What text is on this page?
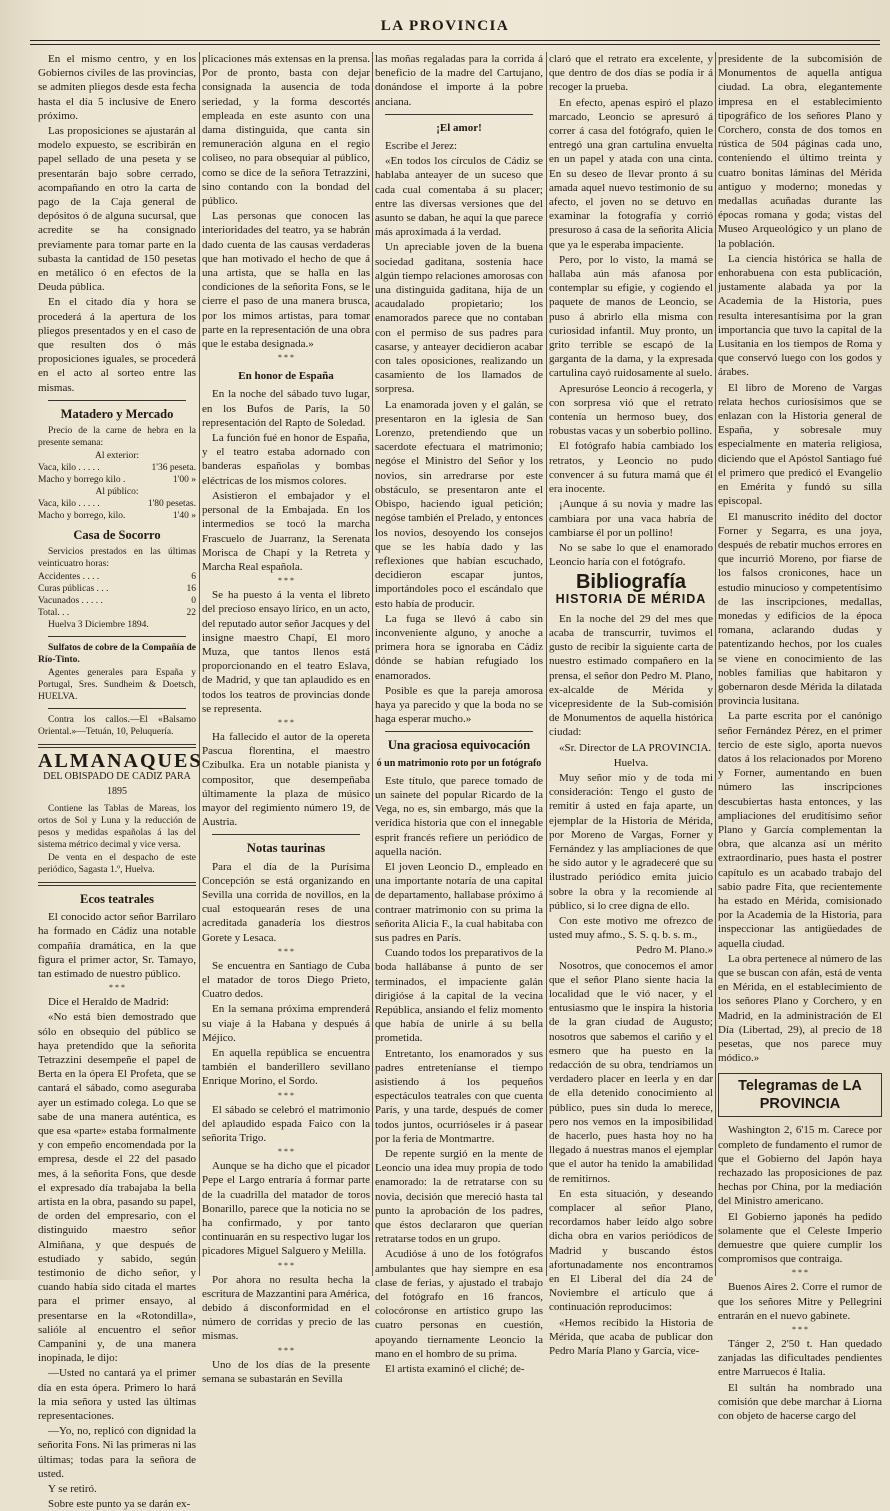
LA PROVINCIA

En el mismo centro, y en los Gobiernos civiles de las provincias, se admiten pliegos desde esta fecha hasta el día 5 inclusive de Enero próximo.

Las proposiciones se ajustarán al modelo expuesto, se escribirán en papel sellado de una peseta y se presentarán bajo sobre cerrado, acompañando en otro la carta de pago de la Caja general de depósitos ó de alguna sucursal, que acredite se ha consignado previamente para tomar parte en la subasta la cantidad de 150 pesetas en metálico ó en efectos de la Deuda pública.

En el citado día y hora se procederá á la apertura de los pliegos presentados y en el caso de que resulten dos ó más proposiciones iguales, se procederá en el acto al sorteo entre las mismas.

Matadero y Mercado

Precio de la carne de hebra en la presente semana:

Al exterior:
Vaca, kilo . . . . .	1'36 peseta.
Macho y borrego kilo .	1'00 »
Al público:
Vaca, kilo . . . . .	1'80 pesetas.
Macho y borrego, kilo.	1'40 »
Casa de Socorro

Servicios prestados en las últimas veinticuatro horas:

Accidentes . . . .	6
Curas públicas . . .	16
Vacunados . . . . .	0
Total. . .	22

Huelva 3 Diciembre 1894.

Sulfatos de cobre de la Compañía de Río-Tinto.

Agentes generales para España y Portugal, Sres. Sundheim & Doetsch, HUELVA.

Contra los callos.—El «Balsamo Oriental.»—Tetuán, 10, Peluquería.

ALMANAQUES
DEL OBISPADO DE CADIZ PARA 1895

Contiene las Tablas de Mareas, los ortos de Sol y Luna y la reducción de pesos y medidas españolas á las del sistema métrico decimal y vice versa.

De venta en el despacho de este periódico, Sagasta 1.º, Huelva.

Ecos teatrales

El conocido actor señor Barrilaro ha formado en Cádiz una notable compañía dramática, en la que figura el primer actor, Sr. Tamayo, tan estimado de nuestro público.

* * *

Dice el Heraldo de Madrid:

«No está bien demostrado que sólo en obsequio del público se haya pretendido que la señorita Tetrazzini desempeñe el papel de Berta en la ópera El Profeta, que se cantará el sábado, como aseguraba ayer un estimado colega. Lo que se sabe de una manera auténtica, es que esa «parte» estaba formalmente y con empeño encomendada por la empresa, desde el 22 del pasado mes, á la señorita Fons, que desde el expresado día trabajaba la bella artista en la obra, pasando su papel, de orden del empresario, con el distinguido maestro señor Almiñana, y que después de estudiado y sabido, según testimonio de dicho señor, y cuando había sido citada el martes para el primer ensayo, al presentarse en la «Rotondilla», salióle al encuentro el señor Campanini y, de una manera inopinada, le dijo:

—Usted no cantará ya el primer día en esta ópera. Primero lo hará la mia señora y usted las últimas representaciones.

—Yo, no, replicó con dignidad la señorita Fons. Ni las primeras ni las últimas; todas para la señora de usted.

Y se retiró.

Sobre este punto ya se darán ex-

plicaciones más extensas en la prensa. Por de pronto, basta con dejar consignada la ausencia de toda seriedad, y la forma descortés empleada en este asunto con una dama distinguida, que canta sin remuneración alguna en el regio coliseo, no para obsequiar al público, como se dice de la señora Tetrazzini, sino contando con la bondad del público.

Las personas que conocen las interioridades del teatro, ya se habrán dado cuenta de las causas verdaderas que han motivado el hecho de que á una artista, que se halla en las condiciones de la señorita Fons, se le cierre el paso de una manera brusca, por los mimos artistas, para tomar parte en la representación de una obra que le estaba designada.»

* * *
En honor de España

En la noche del sábado tuvo lugar, en los Bufos de París, la 50 representación del Rapto de Soledad.

La función fué en honor de España, y el teatro estaba adornado con banderas españolas y bombas eléctricas de los mismos colores.

Asistieron el embajador y el personal de la Embajada. En los intermedios se tocó la marcha Frascuelo de Juarranz, la Serenata Morisca de Chapí y la Retreta y Marcha Real española.

* * *

Se ha puesto á la venta el libreto del precioso ensayo lírico, en un acto, del reputado autor señor Jacques y del insigne maestro Chapí, El moro Muza, que tantos llenos está proporcionando en el teatro Eslava, de Madrid, y que tan aplaudido es en todos los teatros de provincias donde se representa.

* * *

Ha fallecido el autor de la opereta Pascua florentina, el maestro Czibulka. Era un notable pianista y compositor, que desempeñaba últimamente la plaza de músico mayor del regimiento número 19, de Austria.

Notas taurinas

Para el día de la Purísima Concepción se está organizando en Sevilla una corrida de novillos, en la cual estoquearán reses de una acreditada ganadería los diestros Gorete y Lesaca.

* * *

Se encuentra en Santiago de Cuba el matador de toros Diego Prieto, Cuatro dedos.

En la semana próxima emprenderá su viaje á la Habana y después á Méjico.

En aquella república se encuentra también el banderillero sevillano Enrique Morino, el Sordo.

* * *

El sábado se celebró el matrimonio del aplaudido espada Faico con la señorita Trigo.

* * *

Aunque se ha dicho que el picador Pepe el Largo entraría á formar parte de la cuadrilla del matador de toros Bonarillo, parece que la noticia no se ha confirmado, y por tanto continuarán en su respectivo lugar los picadores Miguel Salguero y Melilla.

* * *

Por ahora no resulta hecha la escritura de Mazzantini para América, debido á disconformidad en el número de corridas y precio de las mismas.

* * *

Uno de los días de la presente semana se subastarán en Sevilla

las moñas regaladas para la corrida á beneficio de la madre del Cartujano, donándose el importe á la pobre anciana.

¡El amor!

Escribe el Jerez:

«En todos los círculos de Cádiz se hablaba anteayer de un suceso que cada cual comentaba á su placer; entre las diversas versiones que del asunto se daban, he aquí la que parece más aproximada á la verdad.

Un apreciable joven de la buena sociedad gaditana, sostenía hace algún tiempo relaciones amorosas con una distinguida gaditana, hija de un acaudalado propietario; los enamorados parece que no contaban con el permiso de sus padres para casarse, y anteayer decidieron acabar con tales oposiciones, realizando un casamiento de los llamados de sorpresa.

La enamorada joven y el galán, se presentaron en la iglesia de San Lorenzo, pretendiendo que un sacerdote efectuara el matrimonio; negóse el Ministro del Señor y los novios, sin arredrarse por este obstáculo, se presentaron ante el Obispo, haciendo igual petición; negóse también el Prelado, y entonces los novios, desoyendo los consejos que se les había dado y las reflexiones que habían escuchado, decidieron escapar juntos, importándoles poco el escándalo que esto había de producir.

La fuga se llevó á cabo sin inconveniente alguno, y anoche a primera hora se ignoraba en Cádiz dónde se habían refugiado los enamorados.

Posible es que la pareja amorosa haya ya parecido y que la boda no se haga esperar mucho.»

Una graciosa equivocación
ó un matrimonio roto por un fotógrafo

Este título, que parece tomado de un sainete del popular Ricardo de la Vega, no es, sin embargo, más que la verídica historia que con el innegable esprit francés refiere un periódico de aquella nación.

El joven Leoncio D., empleado en una importante notaría de una capital de departamento, hallabase próximo á contraer matrimonio con su prima la señorita Alicia F., la cual habitaba con sus padres en París.

Cuando todos los preparativos de la boda hallábanse á punto de ser terminados, el impaciente galán dirigióse á la capital de la vecina República, ansiando el feliz momento que había de unirle á su bella prometida.

Entretanto, los enamorados y sus padres entreteníanse el tiempo asistiendo á los pequeños espectáculos teatrales con que cuenta París, y una tarde, después de comer todos juntos, ocurrióseles ir á pasear por la feria de Montmartre.

De repente surgió en la mente de Leoncio una idea muy propia de todo enamorado: la de retratarse con su novia, decisión que mereció hasta tal punto la aprobación de los padres, que éstos declararon que querían retratarse todos en un grupo.

Acudióse á uno de los fotógrafos ambulantes que hay siempre en esa clase de ferias, y ajustado el trabajo del fotógrafo en 16 francos, colocóronse en artístico grupo las cuatro personas en cuestión, apoyando tiernamente Leoncio la mano en el hombro de su prima.

El artista examinó el cliché; de-

claró que el retrato era excelente, y que dentro de dos días se podía ir á recoger la prueba.

En efecto, apenas espiró el plazo marcado, Leoncio se apresuró á correr á casa del fotógrafo, quien le entregó una gran cartulina envuelta en un papel y atada con una cinta. En su deseo de llevar pronto á su amada aquel nuevo testimonio de su afecto, el joven no se detuvo en examinar la fotografía y corrió presuroso á casa de la señorita Alicia que ya le esperaba impaciente.

Pero, por lo visto, la mamá se hallaba aún más afanosa por contemplar su efigie, y cogiendo el paquete de manos de Leoncio, se puso á abrirlo ella misma con curiosidad infantil. Muy pronto, un grito terrible se escapó de la garganta de la dama, y la expresada cartulina cayó ruidosamente al suelo.

Apresuróse Leoncio á recogerla, y con sorpresa vió que el retrato contenía un hermoso buey, dos robustas vacas y un soberbio pollino.

El fotógrafo había cambiado los retratos, y Leoncio no pudo convencer á su futura mamá que él era inocente.

¡Aunque á su novia y madre las cambiara por una vaca habría de cambiarse él por un pollino!

No se sabe lo que el enamorado Leoncio haría con el fotógrafo.

Bibliografía
HISTORIA DE MÉRIDA

En la noche del 29 del mes que acaba de transcurrir, tuvimos el gusto de recibir la siguiente carta de nuestro estimado compañero en la prensa, el señor don Pedro M. Plano, ex-alcalde de Mérida y vicepresidente de la Sub-comisión de Monumentos de aquella histórica ciudad:

«Sr. Director de LA PROVINCIA.

Huelva.

Muy señor mío y de toda mi consideración: Tengo el gusto de remitir á usted en faja aparte, un ejemplar de la Historia de Mérida, por Moreno de Vargas, Forner y Fernández y las ampliaciones de que he sido autor y le agradeceré que su ilustrado periódico emita juicio sobre la obra y la recomiende al público, si lo cree digna de ello.

Con este motivo me ofrezco de usted muy afmo., S. S. q. b. s. m.,

Pedro M. Plano.»

Nosotros, que conocemos el amor que el señor Plano siente hacia la localidad que le vió nacer, y el entusiasmo que le inspira la historia de la gran ciudad de Augusto; nosotros que sabemos el cariño y el esmero que ha puesto en la redacción de su obra, tendríamos un verdadero placer en leerla y en dar de ella detenido conocimiento al público, pues sin duda lo merece, pero nos vemos en la imposibilidad de hacerlo, pues hasta hoy no ha llegado á nuestras manos el ejemplar que el autor ha tenido la amabilidad de remitirnos.

En esta situación, y deseando complacer al señor Plano, recordamos haber leído algo sobre dicha obra en varios periódicos de Madrid y buscando éstos afortunadamente nos encontramos en El Liberal del día 24 de Noviembre el artículo que á continuación reproducimos:

«Hemos recibido la Historia de Mérida, que acaba de publicar don Pedro María Plano y García, vice-

presidente de la subcomisión de Monumentos de aquella antigua ciudad. La obra, elegantemente impresa en el establecimiento tipográfico de los señores Plano y Corchero, consta de dos tomos en rústica de 504 páginas cada uno, conteniendo el último treinta y cuatro bonitas láminas del Mérida antiguo y moderno; monedas y medallas acuñadas durante las épocas romana y goda; vistas del Museo Arqueológico y un plano de la población.

La ciencia histórica se halla de enhorabuena con esta publicación, justamente alabada ya por la Academia de la Historia, pues resulta interesantísima por la gran importancia que tuvo la capital de la Lusitania en los tiempos de Roma y que conservó luego con los godos y árabes.

El libro de Moreno de Vargas relata hechos curiosísimos que se enlazan con la Historia general de España, y sobresale muy especialmente en materia religiosa, diciendo que el Apóstol Santiago fué el primero que predicó el Evangelio en Emérita y fundó su silla episcopal.

El manuscrito inédito del doctor Forner y Segarra, es una joya, después de rebatir muchos errores en que incurrió Moreno, por fiarse de los falsos cronicones, hace un estudio minucioso y competentísimo de las inscripciones, medallas, monedas y edificios de la época romana, aclarando dudas y patentizando hechos, por los cuales se viene en conocimiento de las nobles familias que habitaron y gobernaron desde Mérida la dilatada provincia lusitana.

La parte escrita por el canónigo señor Fernández Pérez, en el primer tercio de este siglo, aporta nuevos datos á los relacionados por Moreno y Forner, aumentando en buen número las inscripciones descubiertas hasta entonces, y las ampliaciones del eruditísimo señor Plano y García complementan la obra, que alcanza así un mérito extraordinario, pues hasta el postrer capítulo es un acabado trabajo del sabio padre Fita, que recientemente ha estado en Mérida, comisionado por la Academia de la Historia, para inspeccionar las antigüedades de aquella ciudad.

La obra pertenece al número de las que se buscan con afán, está de venta en Mérida, en el establecimiento de los señores Plano y Corchero, y en Madrid, en la administración de El Día (Libertad, 29), al precio de 18 pesetas, que nos parece muy módico.»

Telegramas de LA PROVINCIA

Washington 2, 6'15 m. Carece por completo de fundamento el rumor de que el Gobierno del Japón haya rechazado las proposiciones de paz hechas por China, por la mediación del Ministro americano.

El Gobierno japonés ha pedido solamente que el Celeste Imperio demuestre que quiere cumplir los compromisos que contraiga.

* * *

Buenos Aires 2. Corre el rumor de que los señores Mitre y Pellegrini entrarán en el nuevo gabinete.

* * *

Tánger 2, 2'50 t. Han quedado zanjadas las dificultades pendientes entre Marruecos é Italia.

El sultán ha nombrado una comisión que debe marchar á Liorna con objeto de hacerse cargo del
